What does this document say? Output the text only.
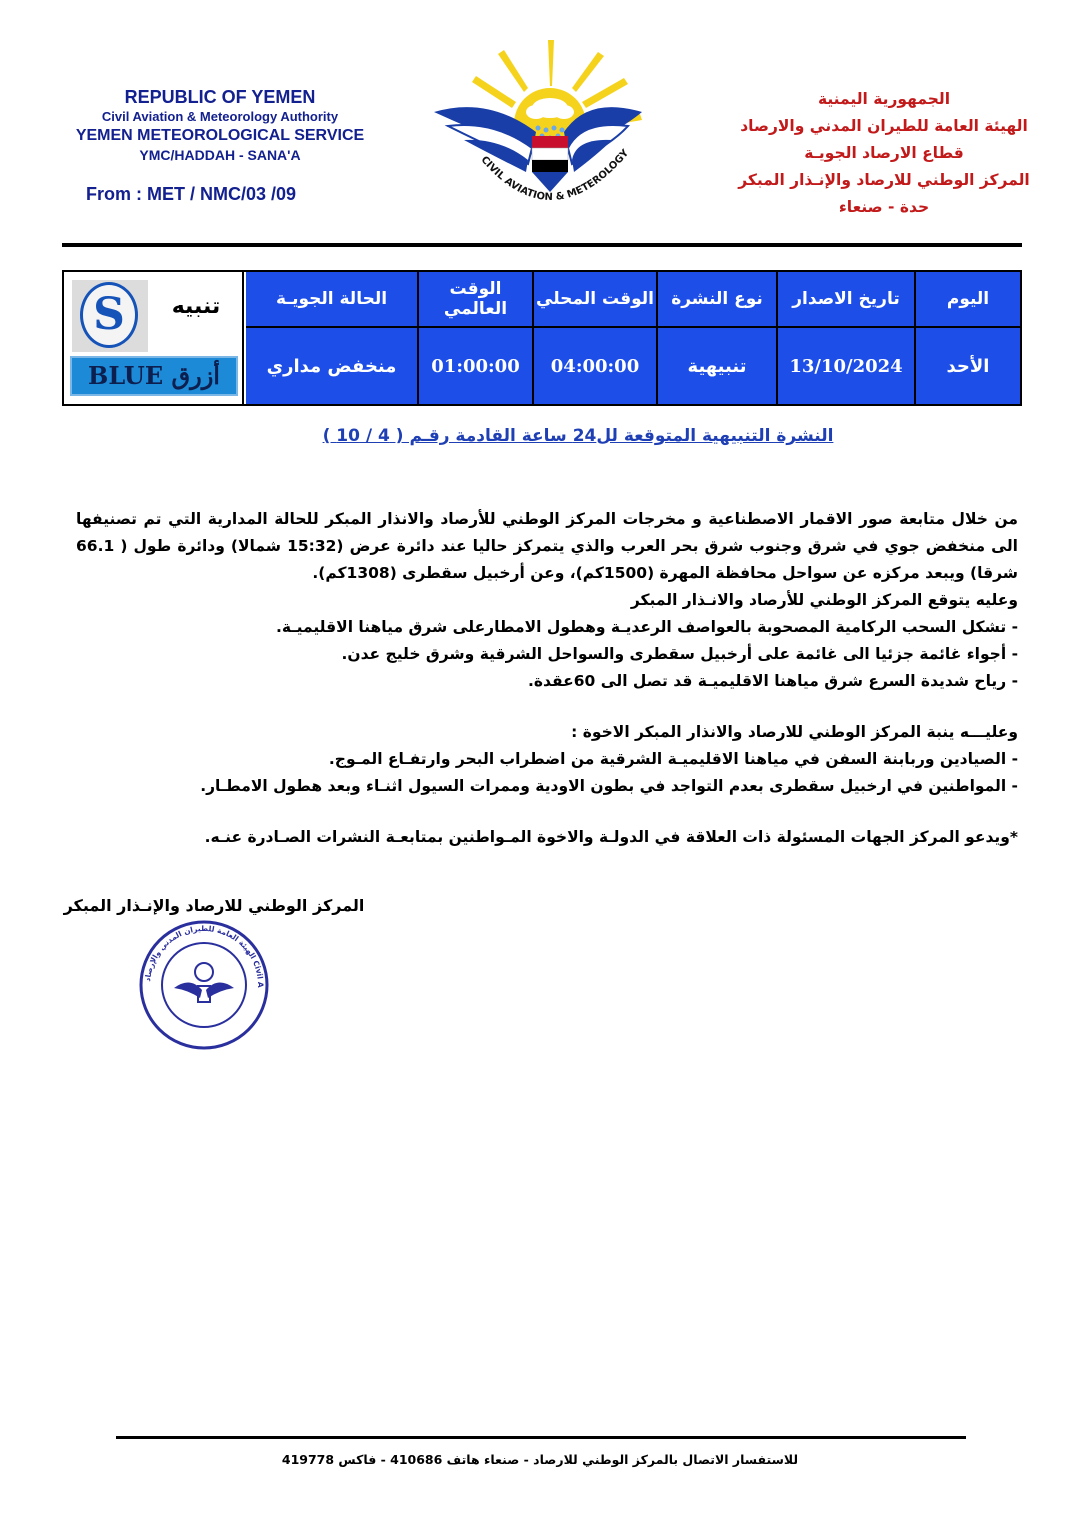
REPUBLIC OF YEMEN
Civil Aviation & Meteorology Authority
YEMEN METEOROLOGICAL SERVICE
YMC/HADDAH - SANA'A
From : MET / NMC/03 /09
CIVIL AVIATION & METEROLOGY
الجمهورية اليمنية
الهيئة العامة للطيران المدني والارصاد
قطاع الارصاد الجويـة
المركز الوطني للارصاد والإنـذار المبكر
حدة - صنعاء
S	تنبيه
BLUE أزرق
الحالة الجويـة	الوقت العالمي	الوقت المحلي	نوع النشرة	تاريخ الاصدار	اليوم
منخفض مداري	01:00:00	04:00:00	تنبيهية	13/10/2024	الأحد
النشرة التنبيهية المتوقعة لل24 ساعة القادمة رقـم ( 4 / 10 )

من خلال متابعة صور الاقمار الاصطناعية و مخرجات المركز الوطني للأرصاد والانذار المبكر للحالة المدارية التي تم تصنيفها الى منخفض جوي في شرق وجنوب شرق بحر العرب والذي يتمركز حاليا عند دائرة عرض (15:32 شمالا) ودائرة طول ( 66.1 شرقا) ويبعد مركزه عن سواحل محافظة المهرة (1500كم)، وعن أرخبيل سقطرى (1308كم).

وعليه يتوقع المركز الوطني للأرصاد والانـذار المبكر

- تشكل السحب الركامية المصحوبة بالعواصف الرعديـة وهطول الامطارعلى شرق مياهنا الاقليميـة.

- أجواء غائمة جزئيا الى غائمة على أرخبيل سقطرى والسواحل الشرقية وشرق خليج عدن.

- رياح شديدة السرع شرق مياهنا الاقليميـة قد تصل الى 60عقدة.

وعليـــه ينبة المركز الوطني للارصاد والانذار المبكر الاخوة :

- الصيادين وربابنة السفن في مياهنا الاقليميـة الشرقية من اضطراب البحر وارتفـاع المـوج.

- المواطنين في ارخبيل سقطرى بعدم التواجد في بطون الاودية وممرات السيول اثنـاء وبعد هطول الامطـار.

*ويدعو المركز الجهات المسئولة ذات العلاقة في الدولـة والاخوة المـواطنين بمتابعـة النشرات الصـادرة عنـه.

المركز الوطني للارصاد والإنـذار المبكر
الهيئة العامة للطيران المدني والإرصاد Civil A
للاستفسار الاتصال بالمركز الوطني للارصاد - صنعاء هاتف 410686 - فاكس 419778
